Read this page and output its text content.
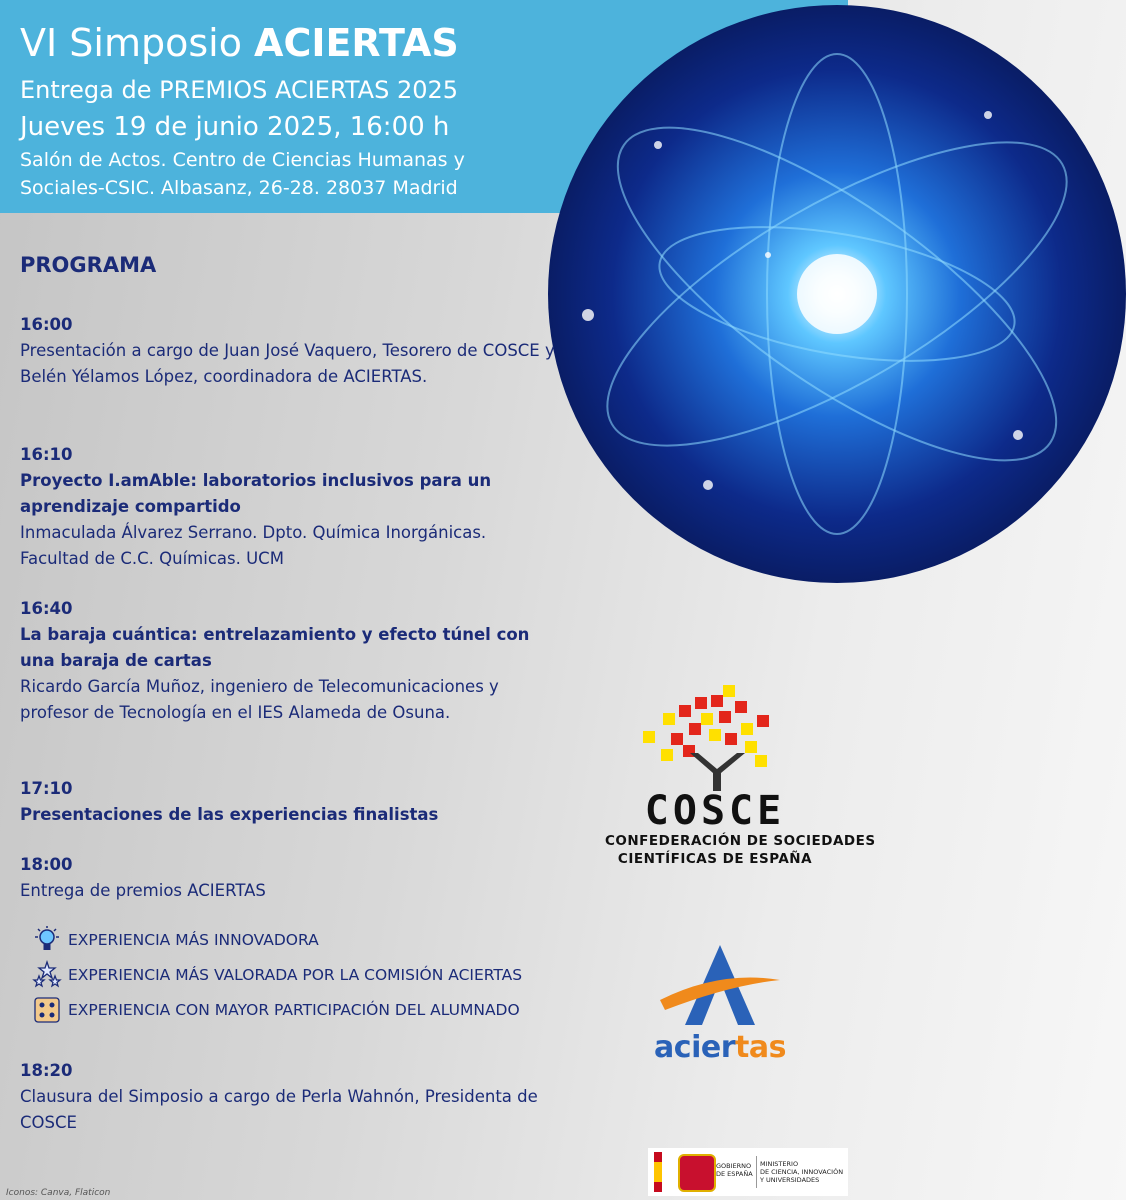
VI Simposio ACIERTAS
Entrega de PREMIOS ACIERTAS 2025
Jueves 19 de junio 2025, 16:00 h
Salón de Actos. Centro de Ciencias Humanas y Sociales-CSIC. Albasanz, 26-28. 28037 Madrid
PROGRAMA
16:00
Presentación a cargo de Juan José Vaquero, Tesorero de COSCE y Belén Yélamos López, coordinadora de ACIERTAS.
16:10
Proyecto I.amAble: laboratorios inclusivos para un aprendizaje compartido
Inmaculada Álvarez Serrano. Dpto. Química Inorgánicas. Facultad de C.C. Químicas. UCM
16:40
La baraja cuántica: entrelazamiento y efecto túnel con una baraja de cartas
Ricardo García Muñoz, ingeniero de Telecomunicaciones y profesor de Tecnología en el IES Alameda de Osuna.
17:10
Presentaciones de las experiencias finalistas
18:00
Entrega de premios ACIERTAS
EXPERIENCIA MÁS INNOVADORA
EXPERIENCIA MÁS VALORADA POR LA COMISIÓN ACIERTAS
EXPERIENCIA CON MAYOR PARTICIPACIÓN DEL ALUMNADO
18:20
Clausura del Simposio a cargo de Perla Wahnón, Presidenta de COSCE
COSCE
CONFEDERACIÓN DE SOCIEDADES
CIENTÍFICAS DE ESPAÑA
aciertas
GOBIERNO
DE ESPAÑA
MINISTERIO
DE CIENCIA, INNOVACIÓN
Y UNIVERSIDADES
Iconos: Canva, Flaticon
